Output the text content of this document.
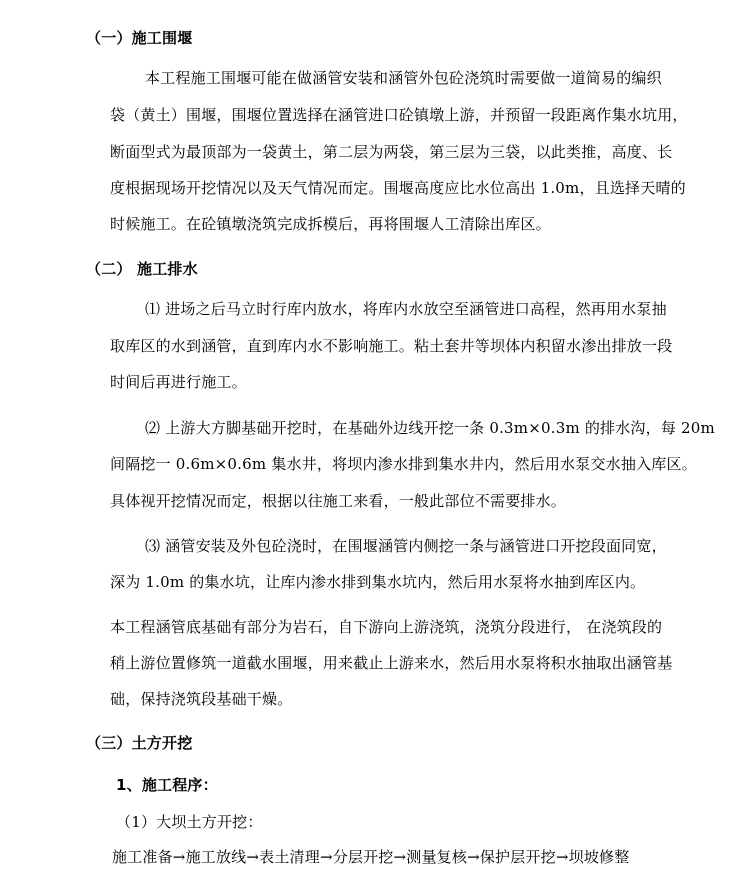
（一）施工围堰
本工程施工围堰可能在做涵管安装和涵管外包砼浇筑时需要做一道简易的编织
袋（黄土）围堰，围堰位置选择在涵管进口砼镇墩上游，并预留一段距离作集水坑用，
断面型式为最顶部为一袋黄土，第二层为两袋，第三层为三袋，以此类推，高度、长
度根据现场开挖情况以及天气情况而定。围堰高度应比水位高出 1.0m，且选择天晴的
时候施工。在砼镇墩浇筑完成拆模后，再将围堰人工清除出库区。
（二） 施工排水
⑴ 进场之后马立时行库内放水，将库内水放空至涵管进口高程，然再用水泵抽
取库区的水到涵管，直到库内水不影响施工。粘土套井等坝体内积留水渗出排放一段
时间后再进行施工。
⑵ 上游大方脚基础开挖时，在基础外边线开挖一条 0.3m×0.3m 的排水沟，每 20m
间隔挖一 0.6m×0.6m 集水井，将坝内渗水排到集水井内，然后用水泵交水抽入库区。
具体视开挖情况而定，根据以往施工来看，一般此部位不需要排水。
⑶ 涵管安装及外包砼浇时，在围堰涵管内侧挖一条与涵管进口开挖段面同宽，
深为 1.0m 的集水坑，让库内渗水排到集水坑内，然后用水泵将水抽到库区内。
本工程涵管底基础有部分为岩石，自下游向上游浇筑，浇筑分段进行， 在浇筑段的
稍上游位置修筑一道截水围堰，用来截止上游来水，然后用水泵将积水抽取出涵管基
础，保持浇筑段基础干燥。
（三）土方开挖
1、施工程序：
（1）大坝土方开挖：
施工准备→施工放线→表土清理→分层开挖→测量复核→保护层开挖→坝坡修整
